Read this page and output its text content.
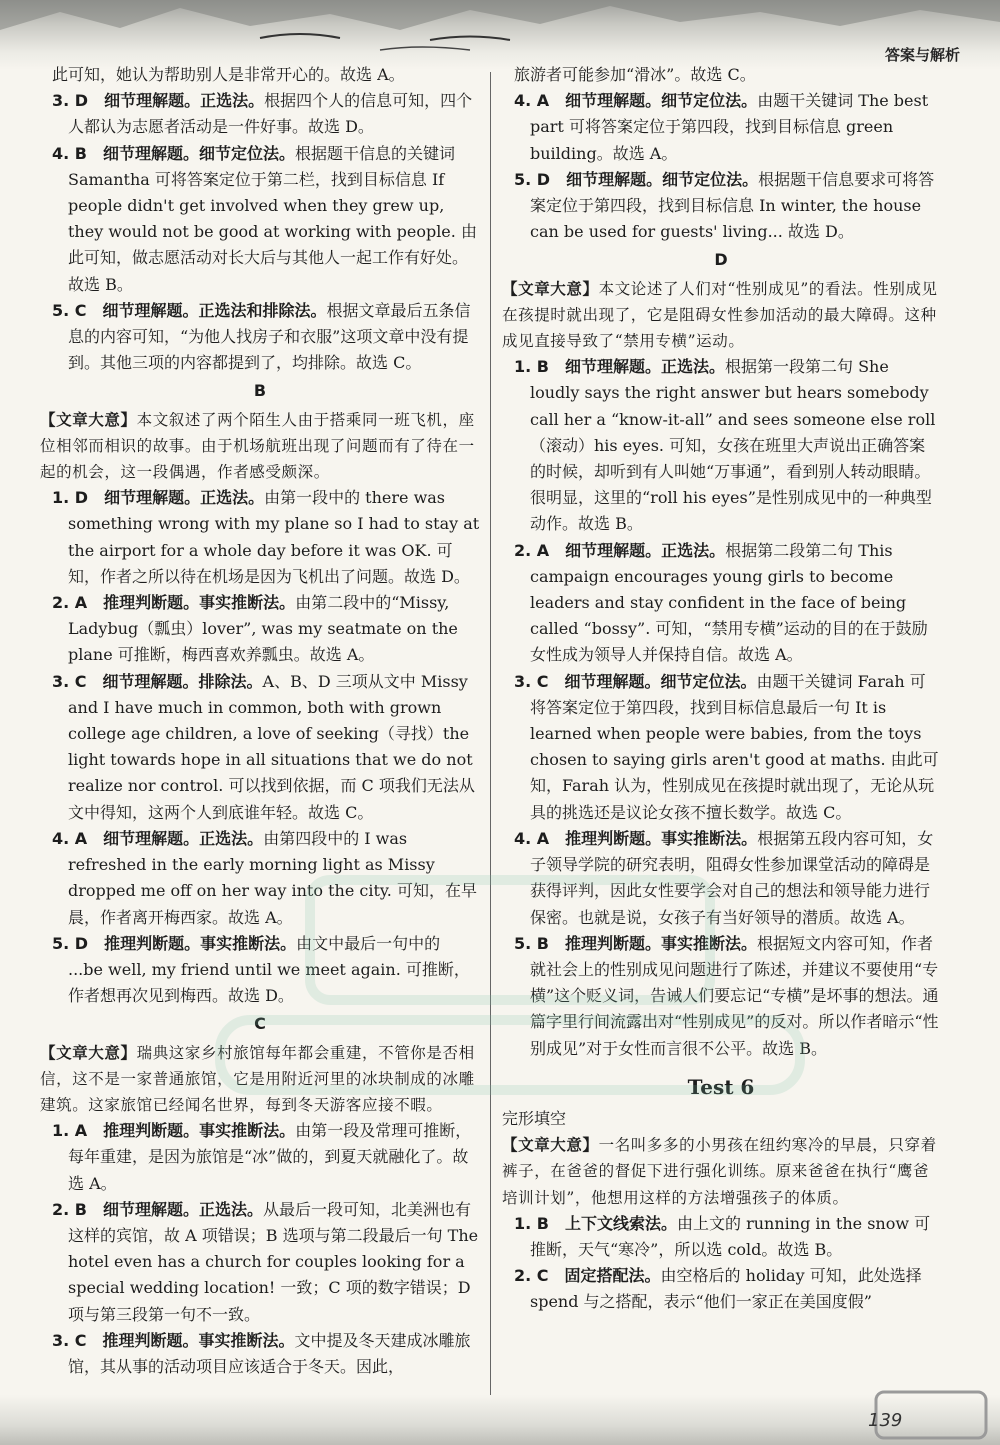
答案与解析

此可知，她认为帮助别人是非常开心的。故选 A。

3. D  细节理解题。正选法。根据四个人的信息可知，四个人都认为志愿者活动是一件好事。故选 D。

4. B  细节理解题。细节定位法。根据题干信息的关键词 Samantha 可将答案定位于第二栏，找到目标信息 If people didn't get involved when they grew up, they would not be good at working with people. 由此可知，做志愿活动对长大后与其他人一起工作有好处。故选 B。

5. C  细节理解题。正选法和排除法。根据文章最后五条信息的内容可知，“为他人找房子和衣服”这项文章中没有提到。其他三项的内容都提到了，均排除。故选 C。

B

【文章大意】本文叙述了两个陌生人由于搭乘同一班飞机，座位相邻而相识的故事。由于机场航班出现了问题而有了待在一起的机会，这一段偶遇，作者感受颇深。

1. D  细节理解题。正选法。由第一段中的 there was something wrong with my plane so I had to stay at the airport for a whole day before it was OK. 可知，作者之所以待在机场是因为飞机出了问题。故选 D。

2. A  推理判断题。事实推断法。由第二段中的“Missy, Ladybug（瓢虫）lover”, was my seatmate on the plane 可推断，梅西喜欢养瓢虫。故选 A。

3. C  细节理解题。排除法。A、B、D 三项从文中 Missy and I have much in common, both with grown college age children, a love of seeking（寻找）the light towards hope in all situations that we do not realize nor control. 可以找到依据，而 C 项我们无法从文中得知，这两个人到底谁年轻。故选 C。

4. A  细节理解题。正选法。由第四段中的 I was refreshed in the early morning light as Missy dropped me off on her way into the city. 可知，在早晨，作者离开梅西家。故选 A。

5. D  推理判断题。事实推断法。由文中最后一句中的 ...be well, my friend until we meet again. 可推断，作者想再次见到梅西。故选 D。

C

【文章大意】瑞典这家乡村旅馆每年都会重建，不管你是否相信，这不是一家普通旅馆，它是用附近河里的冰块制成的冰雕建筑。这家旅馆已经闻名世界，每到冬天游客应接不暇。

1. A  推理判断题。事实推断法。由第一段及常理可推断，每年重建，是因为旅馆是“冰”做的，到夏天就融化了。故选 A。

2. B  细节理解题。正选法。从最后一段可知，北美洲也有这样的宾馆，故 A 项错误；B 选项与第二段最后一句 The hotel even has a church for couples looking for a special wedding location! 一致；C 项的数字错误；D 项与第三段第一句不一致。

3. C  推理判断题。事实推断法。文中提及冬天建成冰雕旅馆，其从事的活动项目应该适合于冬天。因此，

旅游者可能参加“滑冰”。故选 C。

4. A  细节理解题。细节定位法。由题干关键词 The best part 可将答案定位于第四段，找到目标信息 green building。故选 A。

5. D  细节理解题。细节定位法。根据题干信息要求可将答案定位于第四段，找到目标信息 In winter, the house can be used for guests' living... 故选 D。

D

【文章大意】本文论述了人们对“性别成见”的看法。性别成见在孩提时就出现了，它是阻碍女性参加活动的最大障碍。这种成见直接导致了“禁用专横”运动。

1. B  细节理解题。正选法。根据第一段第二句 She loudly says the right answer but hears somebody call her a “know-it-all” and sees someone else roll（滚动）his eyes. 可知，女孩在班里大声说出正确答案的时候，却听到有人叫她“万事通”，看到别人转动眼睛。很明显，这里的“roll his eyes”是性别成见中的一种典型动作。故选 B。

2. A  细节理解题。正选法。根据第二段第二句 This campaign encourages young girls to become leaders and stay confident in the face of being called “bossy”. 可知，“禁用专横”运动的目的在于鼓励女性成为领导人并保持自信。故选 A。

3. C  细节理解题。细节定位法。由题干关键词 Farah 可将答案定位于第四段，找到目标信息最后一句 It is learned when people were babies, from the toys chosen to saying girls aren't good at maths. 由此可知，Farah 认为，性别成见在孩提时就出现了，无论从玩具的挑选还是议论女孩不擅长数学。故选 C。

4. A  推理判断题。事实推断法。根据第五段内容可知，女子领导学院的研究表明，阻碍女性参加课堂活动的障碍是获得评判，因此女性要学会对自己的想法和领导能力进行保密。也就是说，女孩子有当好领导的潜质。故选 A。

5. B  推理判断题。事实推断法。根据短文内容可知，作者就社会上的性别成见问题进行了陈述，并建议不要使用“专横”这个贬义词，告诫人们要忘记“专横”是坏事的想法。通篇字里行间流露出对“性别成见”的反对。所以作者暗示“性别成见”对于女性而言很不公平。故选 B。

Test 6
完形填空

【文章大意】一名叫多多的小男孩在纽约寒冷的早晨，只穿着裤子，在爸爸的督促下进行强化训练。原来爸爸在执行“鹰爸培训计划”，他想用这样的方法增强孩子的体质。

1. B  上下文线索法。由上文的 running in the snow 可推断，天气“寒冷”，所以选 cold。故选 B。

2. C  固定搭配法。由空格后的 holiday 可知，此处选择 spend 与之搭配，表示“他们一家正在美国度假”

139
